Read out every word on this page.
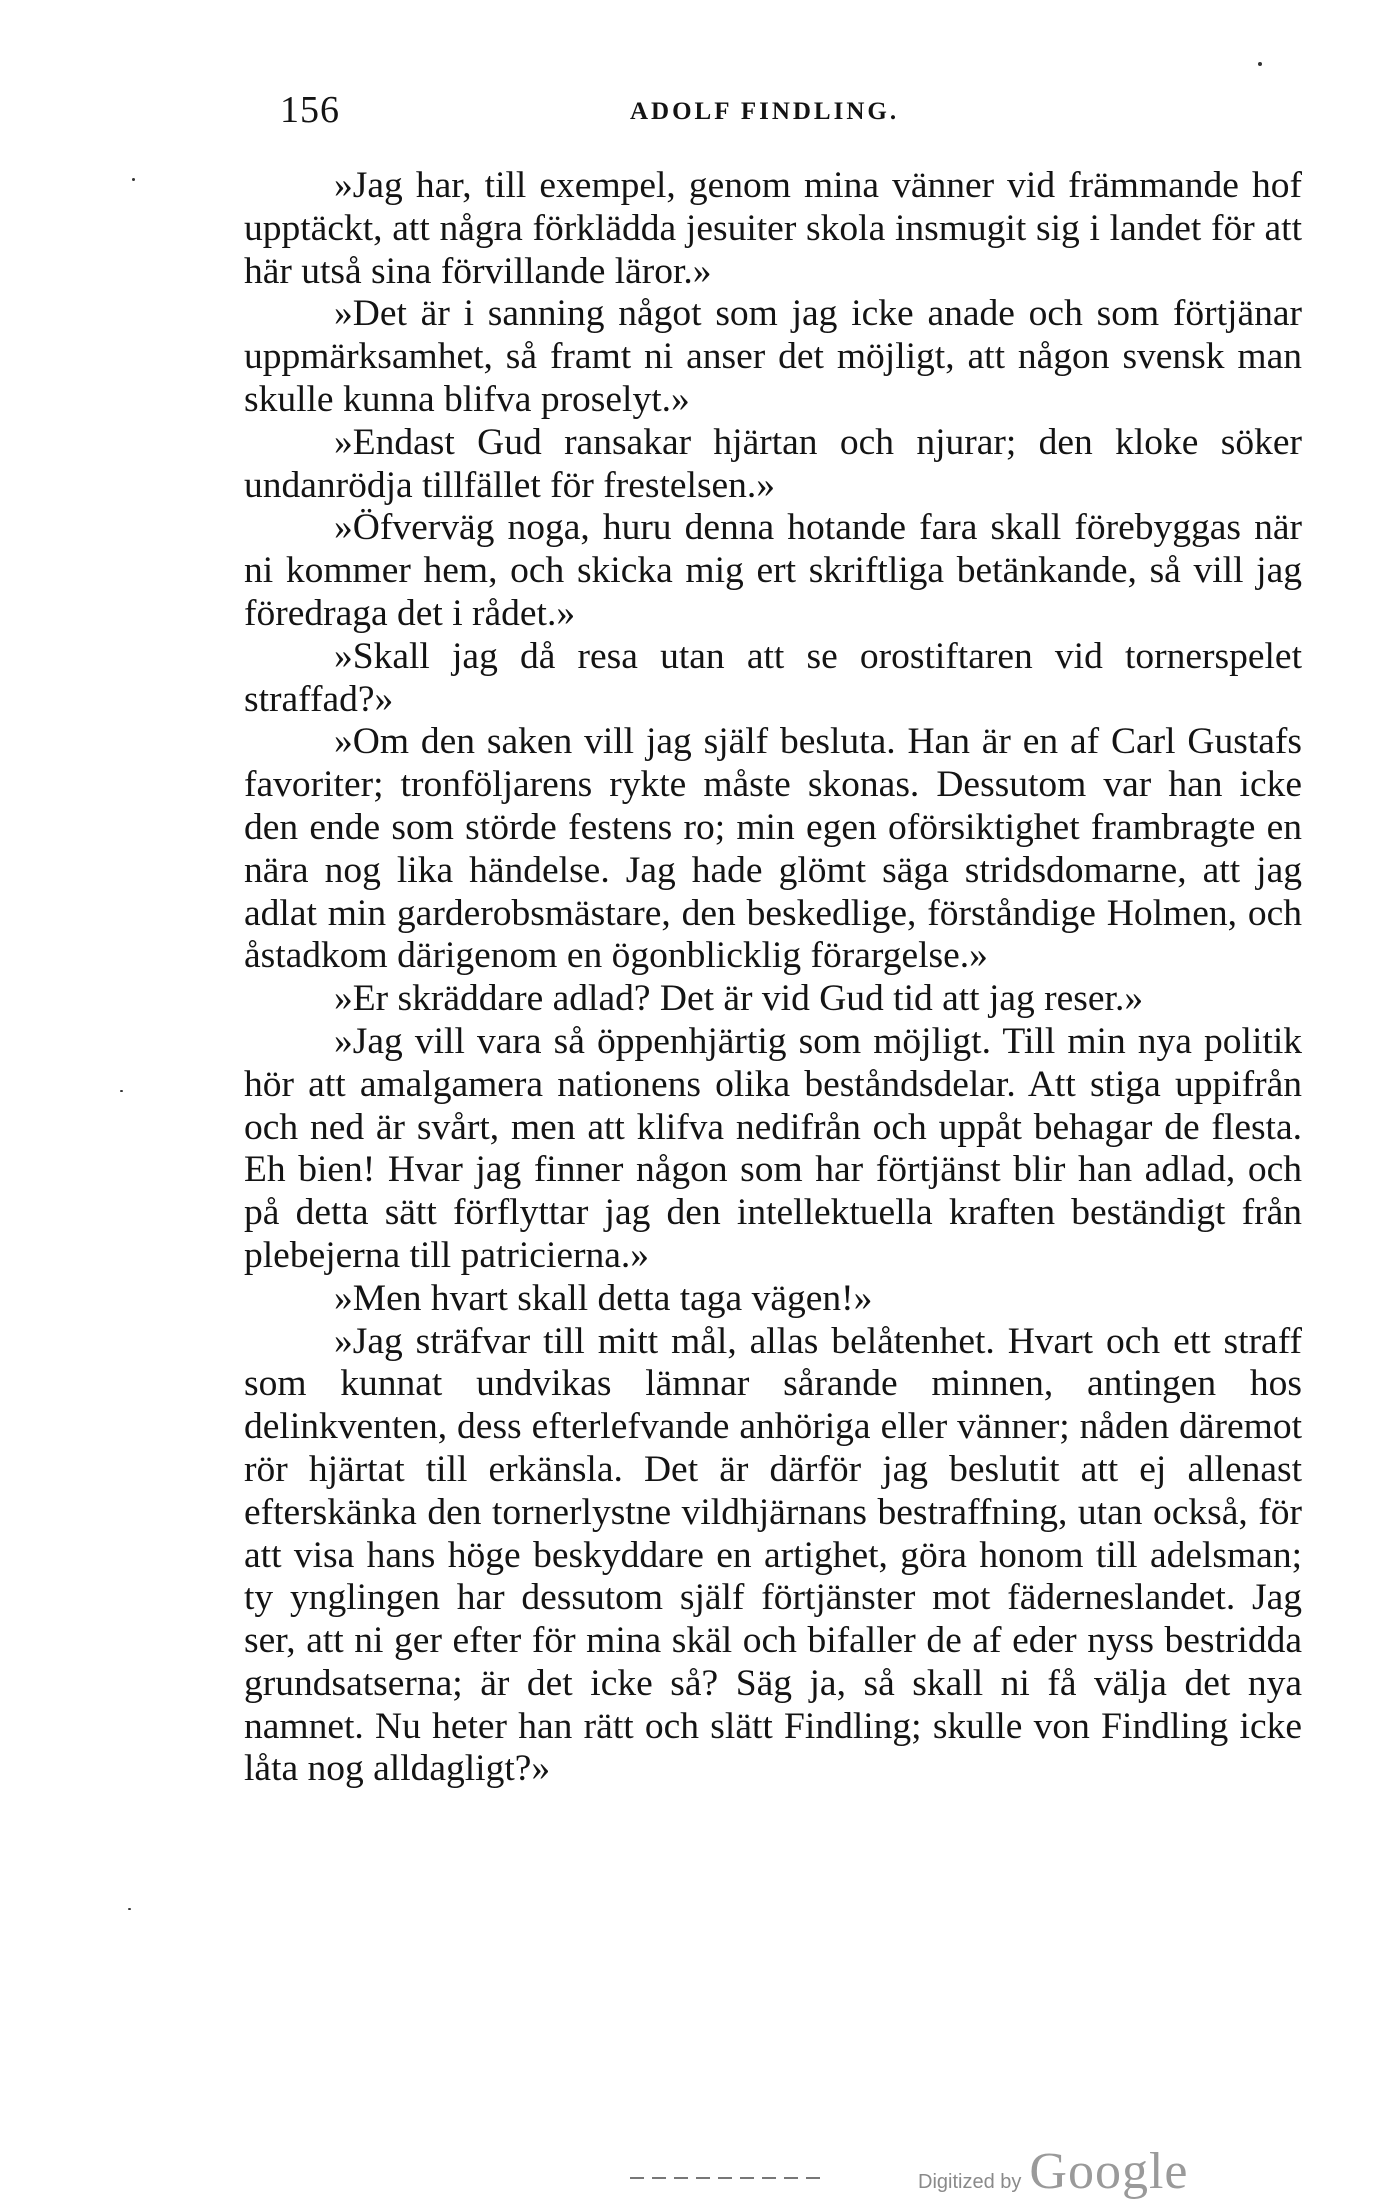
156	ADOLF FINDLING.

»Jag har, till exempel, genom mina vänner vid främmande hof upptäckt, att några förklädda jesuiter skola insmugit sig i landet för att här utså sina förvillande läror.»

»Det är i sanning något som jag icke anade och som förtjänar uppmärksamhet, så framt ni anser det möjligt, att någon svensk man skulle kunna blifva proselyt.»

»Endast Gud ransakar hjärtan och njurar; den kloke söker undanrödja tillfället för frestelsen.»

»Öfverväg noga, huru denna hotande fara skall förebyggas när ni kommer hem, och skicka mig ert skriftliga betänkande, så vill jag föredraga det i rådet.»

»Skall jag då resa utan att se orostiftaren vid tornerspelet straffad?»

»Om den saken vill jag själf besluta. Han är en af Carl Gustafs favoriter; tronföljarens rykte måste skonas. Dessutom var han icke den ende som störde festens ro; min egen oförsiktighet frambragte en nära nog lika händelse. Jag hade glömt säga stridsdomarne, att jag adlat min garderobsmästare, den beskedlige, förståndige Holmen, och åstadkom därigenom en ögonblicklig förargelse.»

»Er skräddare adlad? Det är vid Gud tid att jag reser.»

»Jag vill vara så öppenhjärtig som möjligt. Till min nya politik hör att amalgamera nationens olika beståndsdelar. Att stiga uppifrån och ned är svårt, men att klifva nedifrån och uppåt behagar de flesta. Eh bien! Hvar jag finner någon som har förtjänst blir han adlad, och på detta sätt förflyttar jag den intellektuella kraften beständigt från plebejerna till patricierna.»

»Men hvart skall detta taga vägen!»

»Jag sträfvar till mitt mål, allas belåtenhet. Hvart och ett straff som kunnat undvikas lämnar sårande minnen, antingen hos delinkventen, dess efterlefvande anhöriga eller vänner; nåden däremot rör hjärtat till erkänsla. Det är därför jag beslutit att ej allenast efterskänka den tornerlystne vildhjärnans bestraffning, utan också, för att visa hans höge beskyddare en artighet, göra honom till adelsman; ty ynglingen har dessutom själf förtjänster mot fäderneslandet. Jag ser, att ni ger efter för mina skäl och bifaller de af eder nyss bestridda grundsatserna; är det icke så? Säg ja, så skall ni få välja det nya namnet. Nu heter han rätt och slätt Findling; skulle von Findling icke låta nog alldagligt?»

Digitized by Google
